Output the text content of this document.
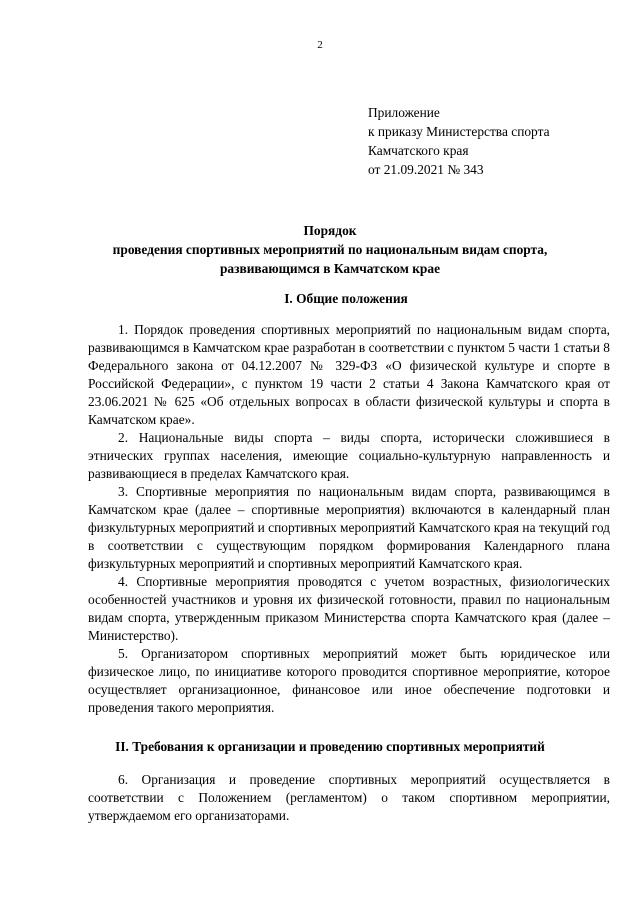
2
Приложение
к приказу Министерства спорта
Камчатского края
от 21.09.2021 № 343
Порядок
проведения спортивных мероприятий по национальным видам спорта,
развивающимся в Камчатском крае
I. Общие положения

1. Порядок проведения спортивных мероприятий по национальным видам спорта, развивающимся в Камчатском крае разработан в соответствии с пунктом 5 части 1 статьи 8 Федерального закона от 04.12.2007 № 329-ФЗ «О физической культуре и спорте в Российской Федерации», с пунктом 19 части 2 статьи 4 Закона Камчатского края от 23.06.2021 № 625 «Об отдельных вопросах в области физической культуры и спорта в Камчатском крае».

2. Национальные виды спорта – виды спорта, исторически сложившиеся в этнических группах населения, имеющие социально-культурную направленность и развивающиеся в пределах Камчатского края.

3. Спортивные мероприятия по национальным видам спорта, развивающимся в Камчатском крае (далее – спортивные мероприятия) включаются в календарный план физкультурных мероприятий и спортивных мероприятий Камчатского края на текущий год в соответствии с существующим порядком формирования Календарного плана физкультурных мероприятий и спортивных мероприятий Камчатского края.

4. Спортивные мероприятия проводятся с учетом возрастных, физиологических особенностей участников и уровня их физической готовности, правил по национальным видам спорта, утвержденным приказом Министерства спорта Камчатского края (далее – Министерство).

5. Организатором спортивных мероприятий может быть юридическое или физическое лицо, по инициативе которого проводится спортивное мероприятие, которое осуществляет организационное, финансовое или иное обеспечение подготовки и проведения такого мероприятия.

II. Требования к организации и проведению спортивных мероприятий

6. Организация и проведение спортивных мероприятий осуществляется в соответствии с Положением (регламентом) о таком спортивном мероприятии, утверждаемом его организаторами.
